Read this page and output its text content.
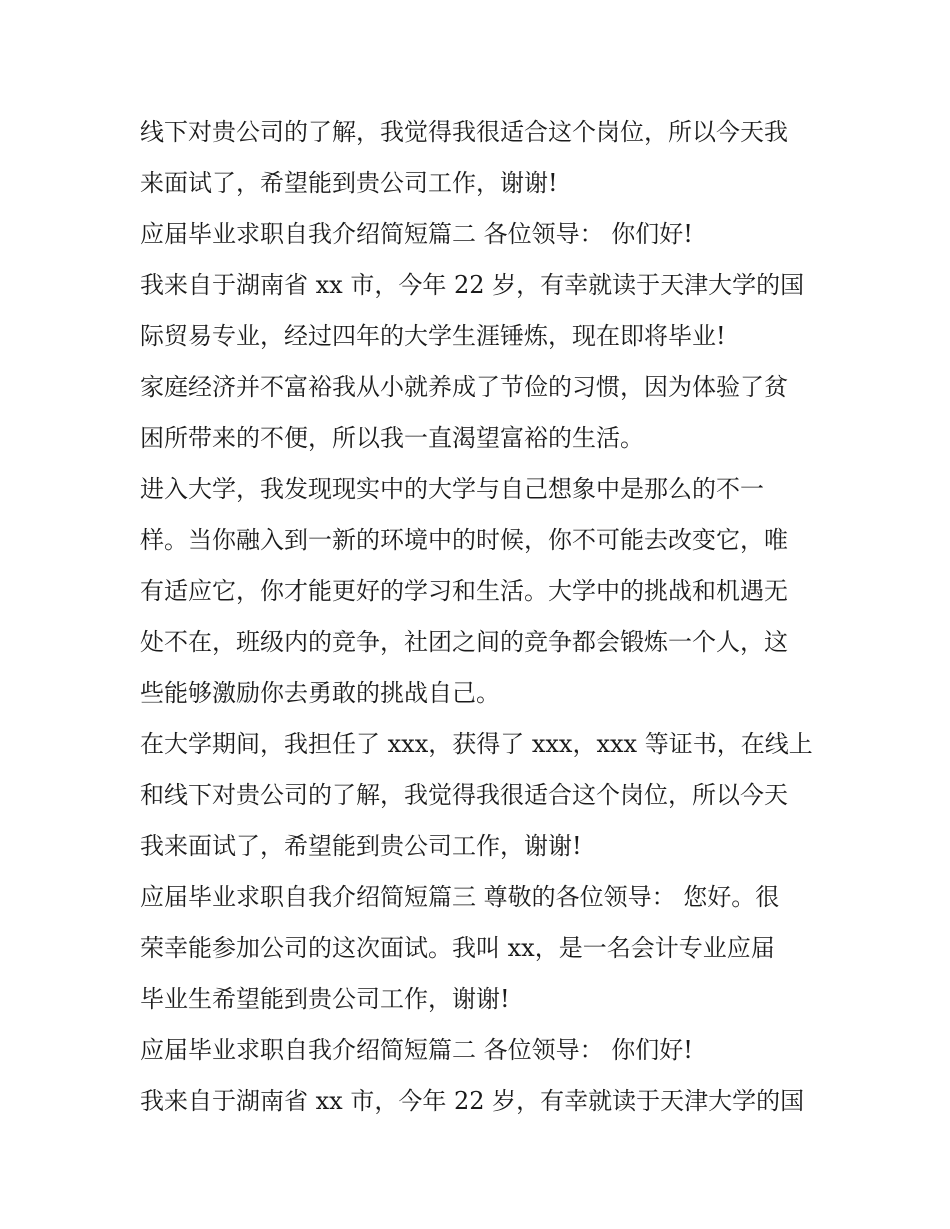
线下对贵公司的了解，我觉得我很适合这个岗位，所以今天我
来面试了，希望能到贵公司工作，谢谢!
应届毕业求职自我介绍简短篇二 各位领导： 你们好!
我来自于湖南省 xx 市，今年 22 岁，有幸就读于天津大学的国
际贸易专业，经过四年的大学生涯锤炼，现在即将毕业!
家庭经济并不富裕我从小就养成了节俭的习惯，因为体验了贫
困所带来的不便，所以我一直渴望富裕的生活。
进入大学，我发现现实中的大学与自己想象中是那么的不一
样。当你融入到一新的环境中的时候，你不可能去改变它，唯
有适应它，你才能更好的学习和生活。大学中的挑战和机遇无
处不在，班级内的竞争，社团之间的竞争都会锻炼一个人，这
些能够激励你去勇敢的挑战自己。
在大学期间，我担任了 xxx，获得了 xxx，xxx 等证书，在线上
和线下对贵公司的了解，我觉得我很适合这个岗位，所以今天
我来面试了，希望能到贵公司工作，谢谢!
应届毕业求职自我介绍简短篇三 尊敬的各位领导： 您好。很
荣幸能参加公司的这次面试。我叫 xx，是一名会计专业应届
毕业生希望能到贵公司工作，谢谢!
应届毕业求职自我介绍简短篇二 各位领导： 你们好!
我来自于湖南省 xx 市，今年 22 岁，有幸就读于天津大学的国
